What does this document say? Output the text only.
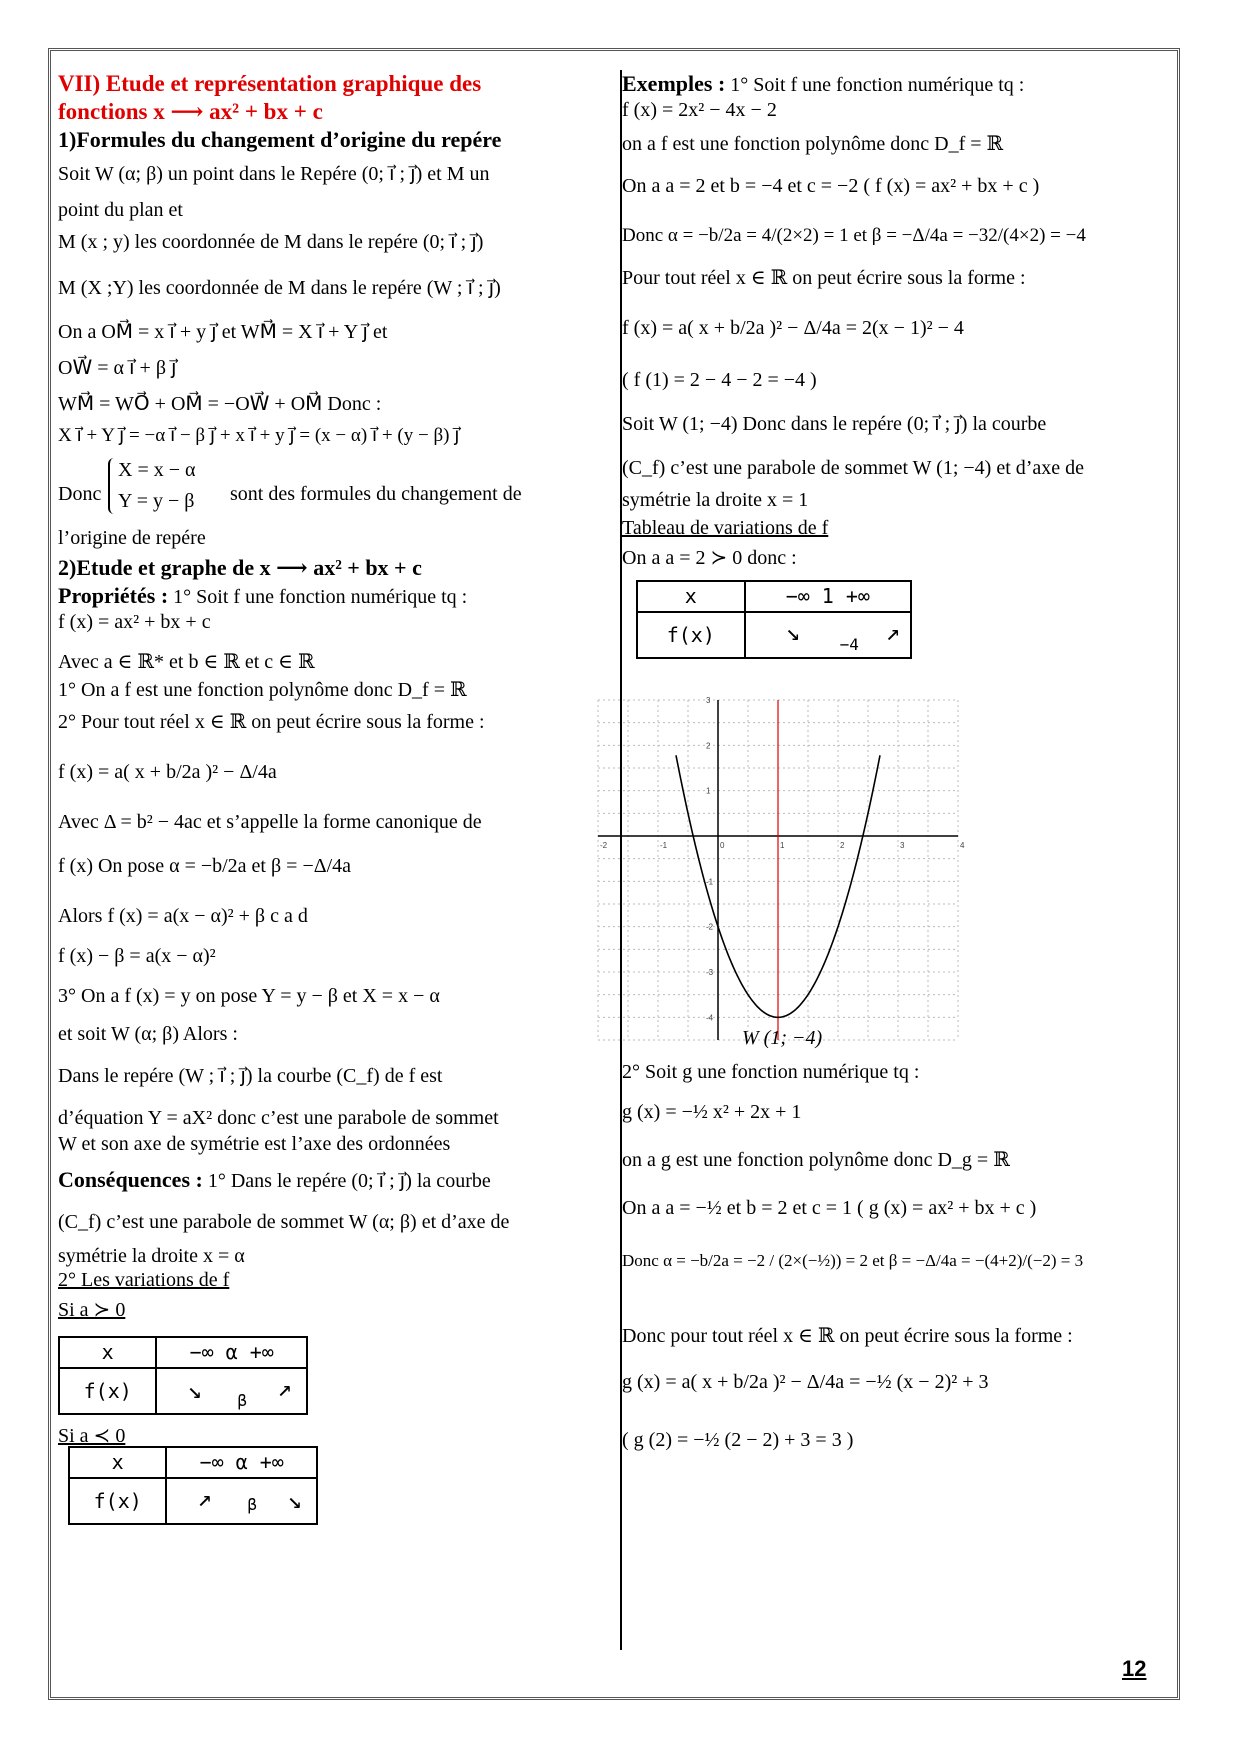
VII) Etude et représentation graphique des
fonctions x ⟶ ax² + bx + c
1)Formules du changement d’origine du repére
Soit W (α; β) un point dans le Repére (0; i⃗ ; j⃗) et M un
point du plan et
M (x ; y) les coordonnée de M dans le repére (0; i⃗ ; j⃗)
M (X ;Y) les coordonnée de M dans le repére (W ; i⃗ ; j⃗)
On a OM⃗ = x i⃗ + y j⃗ et WM⃗ = X i⃗ + Y j⃗ et
OW⃗ = α i⃗ + β j⃗
WM⃗ = WO⃗ + OM⃗ = −OW⃗ + OM⃗ Donc :
X i⃗ + Y j⃗ = −α i⃗ − β j⃗ + x i⃗ + y j⃗ = (x − α) i⃗ + (y − β) j⃗
Donc
X = x − α
Y = y − β sont des formules du changement de
l’origine de repére
2)Etude et graphe de x ⟶ ax² + bx + c
Propriétés : 1° Soit f une fonction numérique tq :
f (x) = ax² + bx + c
Avec a ∈ ℝ* et b ∈ ℝ et c ∈ ℝ
1° On a f est une fonction polynôme donc D_f = ℝ
2° Pour tout réel x ∈ ℝ on peut écrire sous la forme :
f (x) = a( x + b/2a )² − Δ/4a
Avec Δ = b² − 4ac et s’appelle la forme canonique de
f (x) On pose α = −b/2a et β = −Δ/4a
Alors f (x) = a(x − α)² + β c a d
f (x) − β = a(x − α)²
3° On a f (x) = y on pose Y = y − β et X = x − α
et soit W (α; β) Alors :
Dans le repére (W ; i⃗ ; j⃗) la courbe (C_f) de f est
d’équation Y = aX² donc c’est une parabole de sommet
W et son axe de symétrie est l’axe des ordonnées
Conséquences : 1° Dans le repére (0; i⃗ ; j⃗) la courbe
(C_f) c’est une parabole de sommet W (α; β) et d’axe de
symétrie la droite x = α
2° Les variations de f
Si a ≻ 0
x	−∞ α +∞
f(x)	↘ β ↗
Si a ≺ 0
x	−∞ α +∞
f(x)	↗ β ↘
Exemples : 1° Soit f une fonction numérique tq :
f (x) = 2x² − 4x − 2
on a f est une fonction polynôme donc D_f = ℝ
On a a = 2 et b = −4 et c = −2 ( f (x) = ax² + bx + c )
Donc α = −b/2a = 4/(2×2) = 1 et β = −Δ/4a = −32/(4×2) = −4
Pour tout réel x ∈ ℝ on peut écrire sous la forme :
f (x) = a( x + b/2a )² − Δ/4a = 2(x − 1)² − 4
( f (1) = 2 − 4 − 2 = −4 )
Soit W (1; −4) Donc dans le repére (0; i⃗ ; j⃗) la courbe
(C_f) c’est une parabole de sommet W (1; −4) et d’axe de
symétrie la droite x = 1
Tableau de variations de f
On a a = 2 ≻ 0 donc :
x	−∞ 1 +∞
f(x)	↘ −4 ↗
-2	-1	0	1	2	3	4
3
2
1
-1
-2
-3
-4
W (1; −4)
2° Soit g une fonction numérique tq :
g (x) = −½ x² + 2x + 1
on a g est une fonction polynôme donc D_g = ℝ
On a a = −½ et b = 2 et c = 1 ( g (x) = ax² + bx + c )
Donc α = −b/2a = −2 / (2×(−½)) = 2 et β = −Δ/4a = −(4+2)/(−2) = 3
Donc pour tout réel x ∈ ℝ on peut écrire sous la forme :
g (x) = a( x + b/2a )² − Δ/4a = −½ (x − 2)² + 3
( g (2) = −½ (2 − 2) + 3 = 3 )
12
